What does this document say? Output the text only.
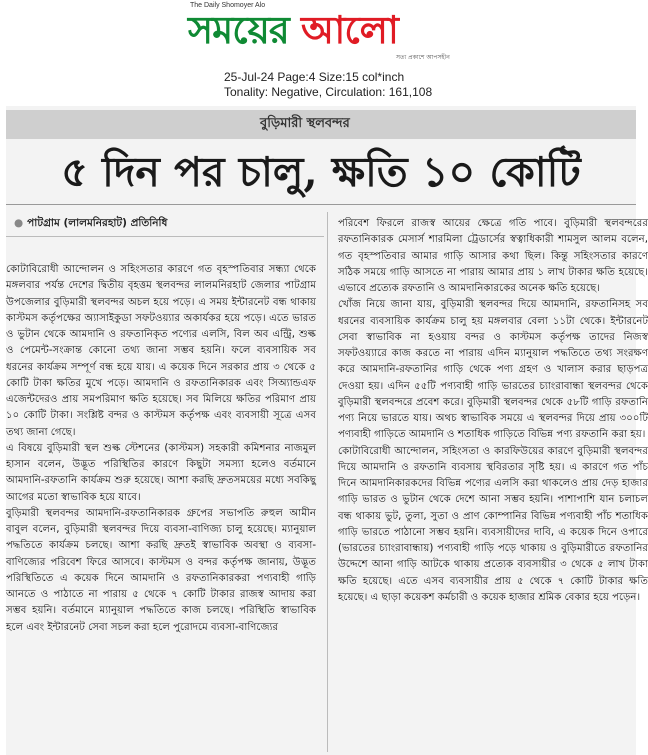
The Daily Shomoyer Alo
সময়ের আলো
সত্য প্রকাশে আপসহীন
25-Jul-24 Page:4 Size:15 col*inch
Tonality: Negative, Circulation: 161,108
বুড়িমারী স্থলবন্দর
৫ দিন পর চালু, ক্ষতি ১০ কোটি
● পাটগ্রাম (লালমনিরহাট) প্রতিনিধি

কোটাবিরোধী আন্দোলন ও সহিংসতার কারণে গত বৃহস্পতিবার সন্ধ্যা থেকে মঙ্গলবার পর্যন্ত দেশের দ্বিতীয় বৃহত্তম স্থলবন্দর লালমনিরহাট জেলার পাটগ্রাম উপজেলার বুড়িমারী স্থলবন্দর অচল হয়ে পড়ে। এ সময় ইন্টারনেট বন্ধ থাকায় কাস্টমস কর্তৃপক্ষের অ্যাসাইকুডা সফটওয়্যার অকার্যকর হয়ে পড়ে। এতে ভারত ও ভুটান থেকে আমদানি ও রফতানিকৃত পণ্যের এলসি, বিল অব এন্ট্রি, শুল্ক ও পেমেন্ট-সংক্রান্ত কোনো তথ্য জানা সম্ভব হয়নি। ফলে ব্যবসায়িক সব ধরনের কার্যক্রম সম্পূর্ণ বন্ধ হয়ে যায়। এ কয়েক দিনে সরকার প্রায় ৩ থেকে ৫ কোটি টাকা ক্ষতির মুখে পড়ে। আমদানি ও রফতানিকারক এবং সিঅ্যান্ডএফ এজেন্টদেরও প্রায় সমপরিমাণ ক্ষতি হয়েছে। সব মিলিয়ে ক্ষতির পরিমাণ প্রায় ১০ কোটি টাকা। সংশ্লিষ্ট বন্দর ও কাস্টমস কর্তৃপক্ষ এবং ব্যবসায়ী সূত্রে এসব তথ্য জানা গেছে।

এ বিষয়ে বুড়িমারী স্থল শুল্ক স্টেশনের (কাস্টমস) সহকারী কমিশনার নাজমুল হাসান বলেন, উদ্ভূত পরিস্থিতির কারণে কিছুটা সমস্যা হলেও বর্তমানে আমদানি-রফতানি কার্যক্রম শুরু হয়েছে। আশা করছি দ্রুতসময়ের মধ্যে সবকিছু আগের মতো স্বাভাবিক হয়ে যাবে।

বুড়িমারী স্থলবন্দর আমদানি-রফতানিকারক গ্রুপের সভাপতি রুহুল আমীন বাবুল বলেন, বুড়িমারী স্থলবন্দর দিয়ে ব্যবসা-বাণিজ্য চালু হয়েছে। ম্যানুয়াল পদ্ধতিতে কার্যক্রম চলছে। আশা করছি দ্রুতই স্বাভাবিক অবস্থা ও ব্যবসা-বাণিজ্যের পরিবেশ ফিরে আসবে। কাস্টমস ও বন্দর কর্তৃপক্ষ জানায়, উদ্ভূত পরিস্থিতিতে এ কয়েক দিনে আমদানি ও রফতানিকারকরা পণ্যবাহী গাড়ি আনতে ও পাঠাতে না পারায় ৫ থেকে ৭ কোটি টাকার রাজস্ব আদায় করা সম্ভব হয়নি। বর্তমানে ম্যানুয়াল পদ্ধতিতে কাজ চলছে। পরিস্থিতি স্বাভাবিক হলে এবং ইন্টারনেট সেবা সচল করা হলে পুরোদমে ব্যবসা-বাণিজ্যের

পরিবেশ ফিরলে রাজস্ব আয়ের ক্ষেত্রে গতি পাবে। বুড়িমারী স্থলবন্দরের রফতানিকারক মেসার্স শারমিলা ট্রেডার্সের স্বত্বাধিকারী শামসুল আলম বলেন, গত বৃহস্পতিবার আমার গাড়ি আসার কথা ছিল। কিন্তু সহিংসতার কারণে সঠিক সময়ে গাড়ি আসতে না পারায় আমার প্রায় ১ লাখ টাকার ক্ষতি হয়েছে। এভাবে প্রত্যেক রফতানি ও আমদানিকারকের অনেক ক্ষতি হয়েছে।

খোঁজ নিয়ে জানা যায়, বুড়িমারী স্থলবন্দর দিয়ে আমদানি, রফতানিসহ সব ধরনের ব্যবসায়িক কার্যক্রম চালু হয় মঙ্গলবার বেলা ১১টা থেকে। ইন্টারনেট সেবা স্বাভাবিক না হওয়ায় বন্দর ও কাস্টমস কর্তৃপক্ষ তাদের নিজস্ব সফটওয়্যারে কাজ করতে না পারায় এদিন ম্যানুয়াল পদ্ধতিতে তথ্য সংরক্ষণ করে আমদানি-রফতানির গাড়ি থেকে পণ্য গ্রহণ ও খালাস করার ছাড়পত্র দেওয়া হয়। এদিন ৫৫টি পণ্যবাহী গাড়ি ভারতের চ্যাংরাবান্ধা স্থলবন্দর থেকে বুড়িমারী স্থলবন্দরে প্রবেশ করে। বুড়িমারী স্থলবন্দর থেকে ৫৮টি গাড়ি রফতানি পণ্য নিয়ে ভারতে যায়। অথচ স্বাভাবিক সময়ে এ স্থলবন্দর দিয়ে প্রায় ৩০০টি পণ্যবাহী গাড়িতে আমদানি ও শতাধিক গাড়িতে বিভিন্ন পণ্য রফতানি করা হয়।

কোটাবিরোধী আন্দোলন, সহিংসতা ও কারফিউয়ের কারণে বুড়িমারী স্থলবন্দর দিয়ে আমদানি ও রফতানি ব্যবসায় স্থবিরতার সৃষ্টি হয়। এ কারণে গত পাঁচ দিনে আমদানিকারকদের বিভিন্ন পণ্যের এলসি করা থাকলেও প্রায় দেড় হাজার গাড়ি ভারত ও ভুটান থেকে দেশে আনা সম্ভব হয়নি। পাশাপাশি যান চলাচল বন্ধ থাকায় ভুট, তুলা, সুতা ও প্রাণ কোম্পানির বিভিন্ন পণ্যবাহী পাঁচ শতাধিক গাড়ি ভারতে পাঠানো সম্ভব হয়নি। ব্যবসায়ীদের দাবি, এ কয়েক দিনে ওপারে (ভারতের চ্যাংরাবান্ধায়) পণ্যবাহী গাড়ি পড়ে থাকায় ও বুড়িমারীতে রফতানির উদ্দেশে আনা গাড়ি আটকে থাকায় প্রত্যেক ব্যবসায়ীর ৩ থেকে ৫ লাখ টাকা ক্ষতি হয়েছে। এতে এসব ব্যবসায়ীর প্রায় ৫ থেকে ৭ কোটি টাকার ক্ষতি হয়েছে। এ ছাড়া কয়েকশ কর্মচারী ও কয়েক হাজার শ্রমিক বেকার হয়ে পড়েন।
